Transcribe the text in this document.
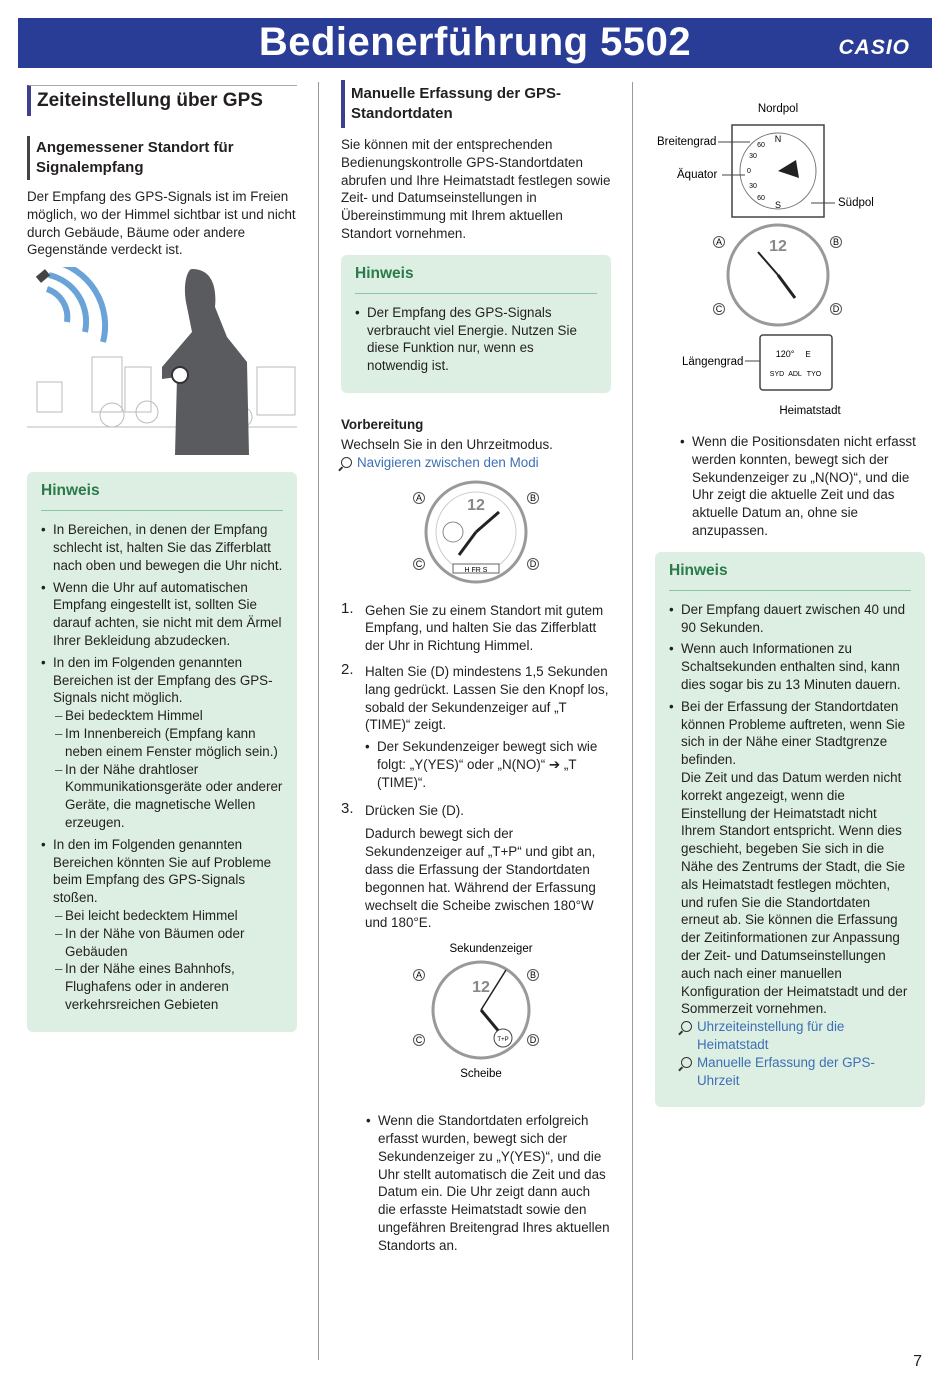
Bedienerführung 5502	CASIO
Zeiteinstellung über GPS
Angemessener Standort für Signalempfang

Der Empfang des GPS-Signals ist im Freien möglich, wo der Himmel sichtbar ist und nicht durch Gebäude, Bäume oder andere Gegenstände verdeckt ist.

Hinweis
• In Bereichen, in denen der Empfang schlecht ist, halten Sie das Zifferblatt nach oben und bewegen die Uhr nicht.
• Wenn die Uhr auf automatischen Empfang eingestellt ist, sollten Sie darauf achten, sie nicht mit dem Ärmel Ihrer Bekleidung abzudecken.
• In den im Folgenden genannten Bereichen ist der Empfang des GPS-Signals nicht möglich.
– Bei bedecktem Himmel
– Im Innenbereich (Empfang kann neben einem Fenster möglich sein.)
– In der Nähe drahtloser Kommunikationsgeräte oder anderer Geräte, die magnetische Wellen erzeugen.
• In den im Folgenden genannten Bereichen könnten Sie auf Probleme beim Empfang des GPS-Signals stoßen.
– Bei leicht bedecktem Himmel
– In der Nähe von Bäumen oder Gebäuden
– In der Nähe eines Bahnhofs, Flughafens oder in anderen verkehrsreichen Gebieten
Manuelle Erfassung der GPS-Standortdaten

Sie können mit der entsprechenden Bedienungskontrolle GPS-Standortdaten abrufen und Ihre Heimatstadt festlegen sowie Zeit- und Datumseinstellungen in Übereinstimmung mit Ihrem aktuellen Standort vornehmen.

Hinweis
• Der Empfang des GPS-Signals verbraucht viel Energie. Nutzen Sie diese Funktion nur, wenn es notwendig ist.
Vorbereitung

Wechseln Sie in den Uhrzeitmodus.

Navigieren zwischen den Modi

12
H FR S
A	B
C	D
1. Gehen Sie zu einem Standort mit gutem Empfang, und halten Sie das Zifferblatt der Uhr in Richtung Himmel.
2. Halten Sie (D) mindestens 1,5 Sekunden lang gedrückt. Lassen Sie den Knopf los, sobald der Sekundenzeiger auf „T (TIME)“ zeigt.
• Der Sekundenzeiger bewegt sich wie folgt: „Y(YES)“ oder „N(NO)“ ➔ „T (TIME)“.
3. Drücken Sie (D).

Dadurch bewegt sich der Sekundenzeiger auf „T+P“ und gibt an, dass die Erfassung der Standortdaten begonnen hat. Während der Erfassung wechselt die Scheibe zwischen 180°W und 180°E.

Sekundenzeiger
12
T+P
A	B
C	D
Scheibe
• Wenn die Standortdaten erfolgreich erfasst wurden, bewegt sich der Sekundenzeiger zu „Y(YES)“, und die Uhr stellt automatisch die Zeit und das Datum ein. Die Uhr zeigt dann auch die erfasste Heimatstadt sowie den ungefähren Breitengrad Ihres aktuellen Standorts an.
Nordpol
Breitengrad
Äquator
Südpol
Längengrad
Heimatstadt
N
S
60
30
0
30
60
12
A	B
C	D
120° E
SYD ADL TYO
• Wenn die Positionsdaten nicht erfasst werden konnten, bewegt sich der Sekundenzeiger zu „N(NO)“, und die Uhr zeigt die aktuelle Zeit und das aktuelle Datum an, ohne sie anzupassen.
Hinweis
• Der Empfang dauert zwischen 40 und 90 Sekunden.
• Wenn auch Informationen zu Schaltsekunden enthalten sind, kann dies sogar bis zu 13 Minuten dauern.
• Bei der Erfassung der Standortdaten können Probleme auftreten, wenn Sie sich in der Nähe einer Stadtgrenze befinden.
Die Zeit und das Datum werden nicht korrekt angezeigt, wenn die Einstellung der Heimatstadt nicht Ihrem Standort entspricht. Wenn dies geschieht, begeben Sie sich in die Nähe des Zentrums der Stadt, die Sie als Heimatstadt festlegen möchten, und rufen Sie die Standortdaten erneut ab. Sie können die Erfassung der Zeitinformationen zur Anpassung der Zeit- und Datumseinstellungen auch nach einer manuellen Konfiguration der Heimatstadt und der Sommerzeit vornehmen.
Uhrzeiteinstellung für die Heimatstadt
Manuelle Erfassung der GPS-Uhrzeit
7
